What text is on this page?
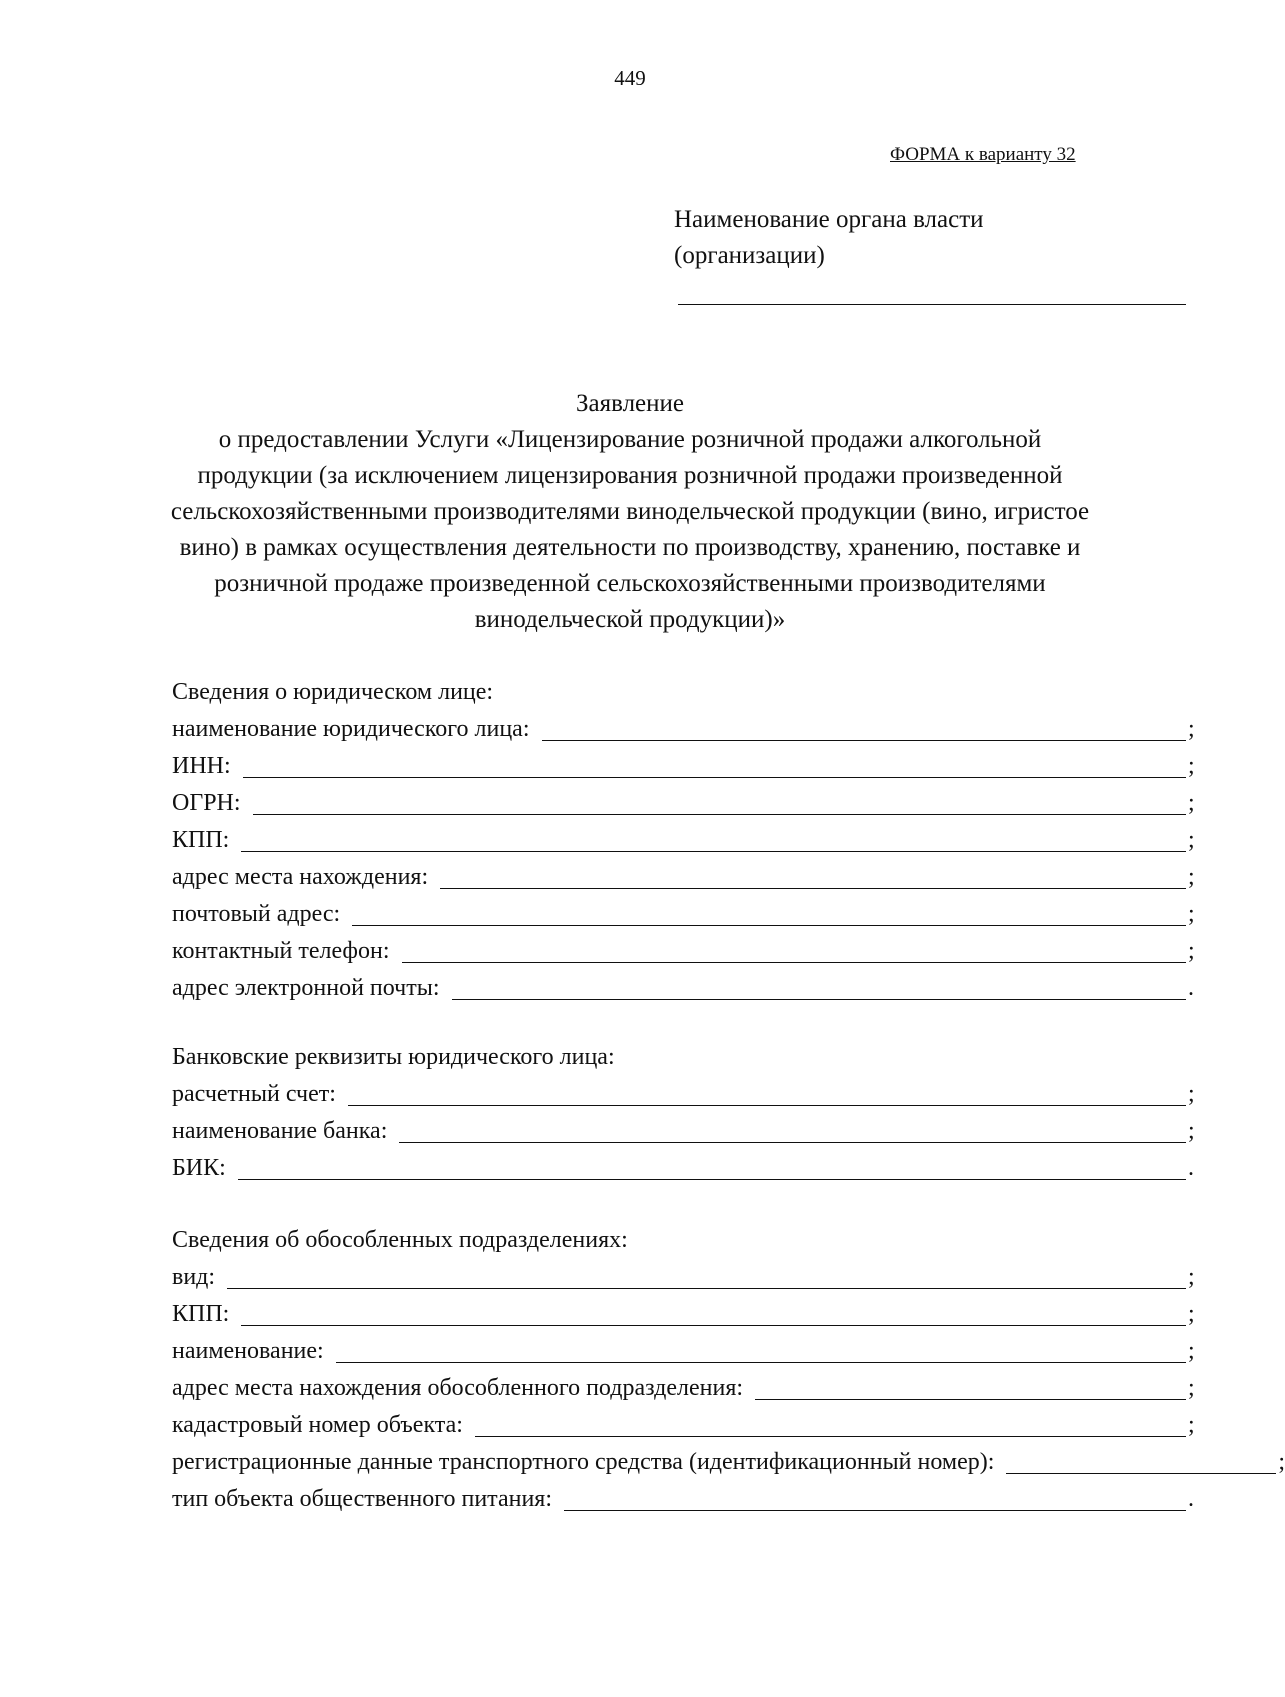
449
ФОРМА к варианту 32
Наименование органа власти
(организации)
Заявление
о предоставлении Услуги «Лицензирование розничной продажи алкогольной продукции (за исключением лицензирования розничной продажи произведенной сельскохозяйственными производителями винодельческой продукции (вино, игристое вино) в рамках осуществления деятельности по производству, хранению, поставке и розничной продаже произведенной сельскохозяйственными производителями винодельческой продукции)»
Сведения о юридическом лице:
наименование юридического лица:	;
ИНН:	;
ОГРН:	;
КПП:	;
адрес места нахождения:	;
почтовый адрес:	;
контактный телефон:	;
адрес электронной почты:	.
Банковские реквизиты юридического лица:
расчетный счет:	;
наименование банка:	;
БИК:	.
Сведения об обособленных подразделениях:
вид:	;
КПП:	;
наименование:	;
адрес места нахождения обособленного подразделения:	;
кадастровый номер объекта:	;
регистрационные данные транспортного средства (идентификационный номер):	;
тип объекта общественного питания:	.
